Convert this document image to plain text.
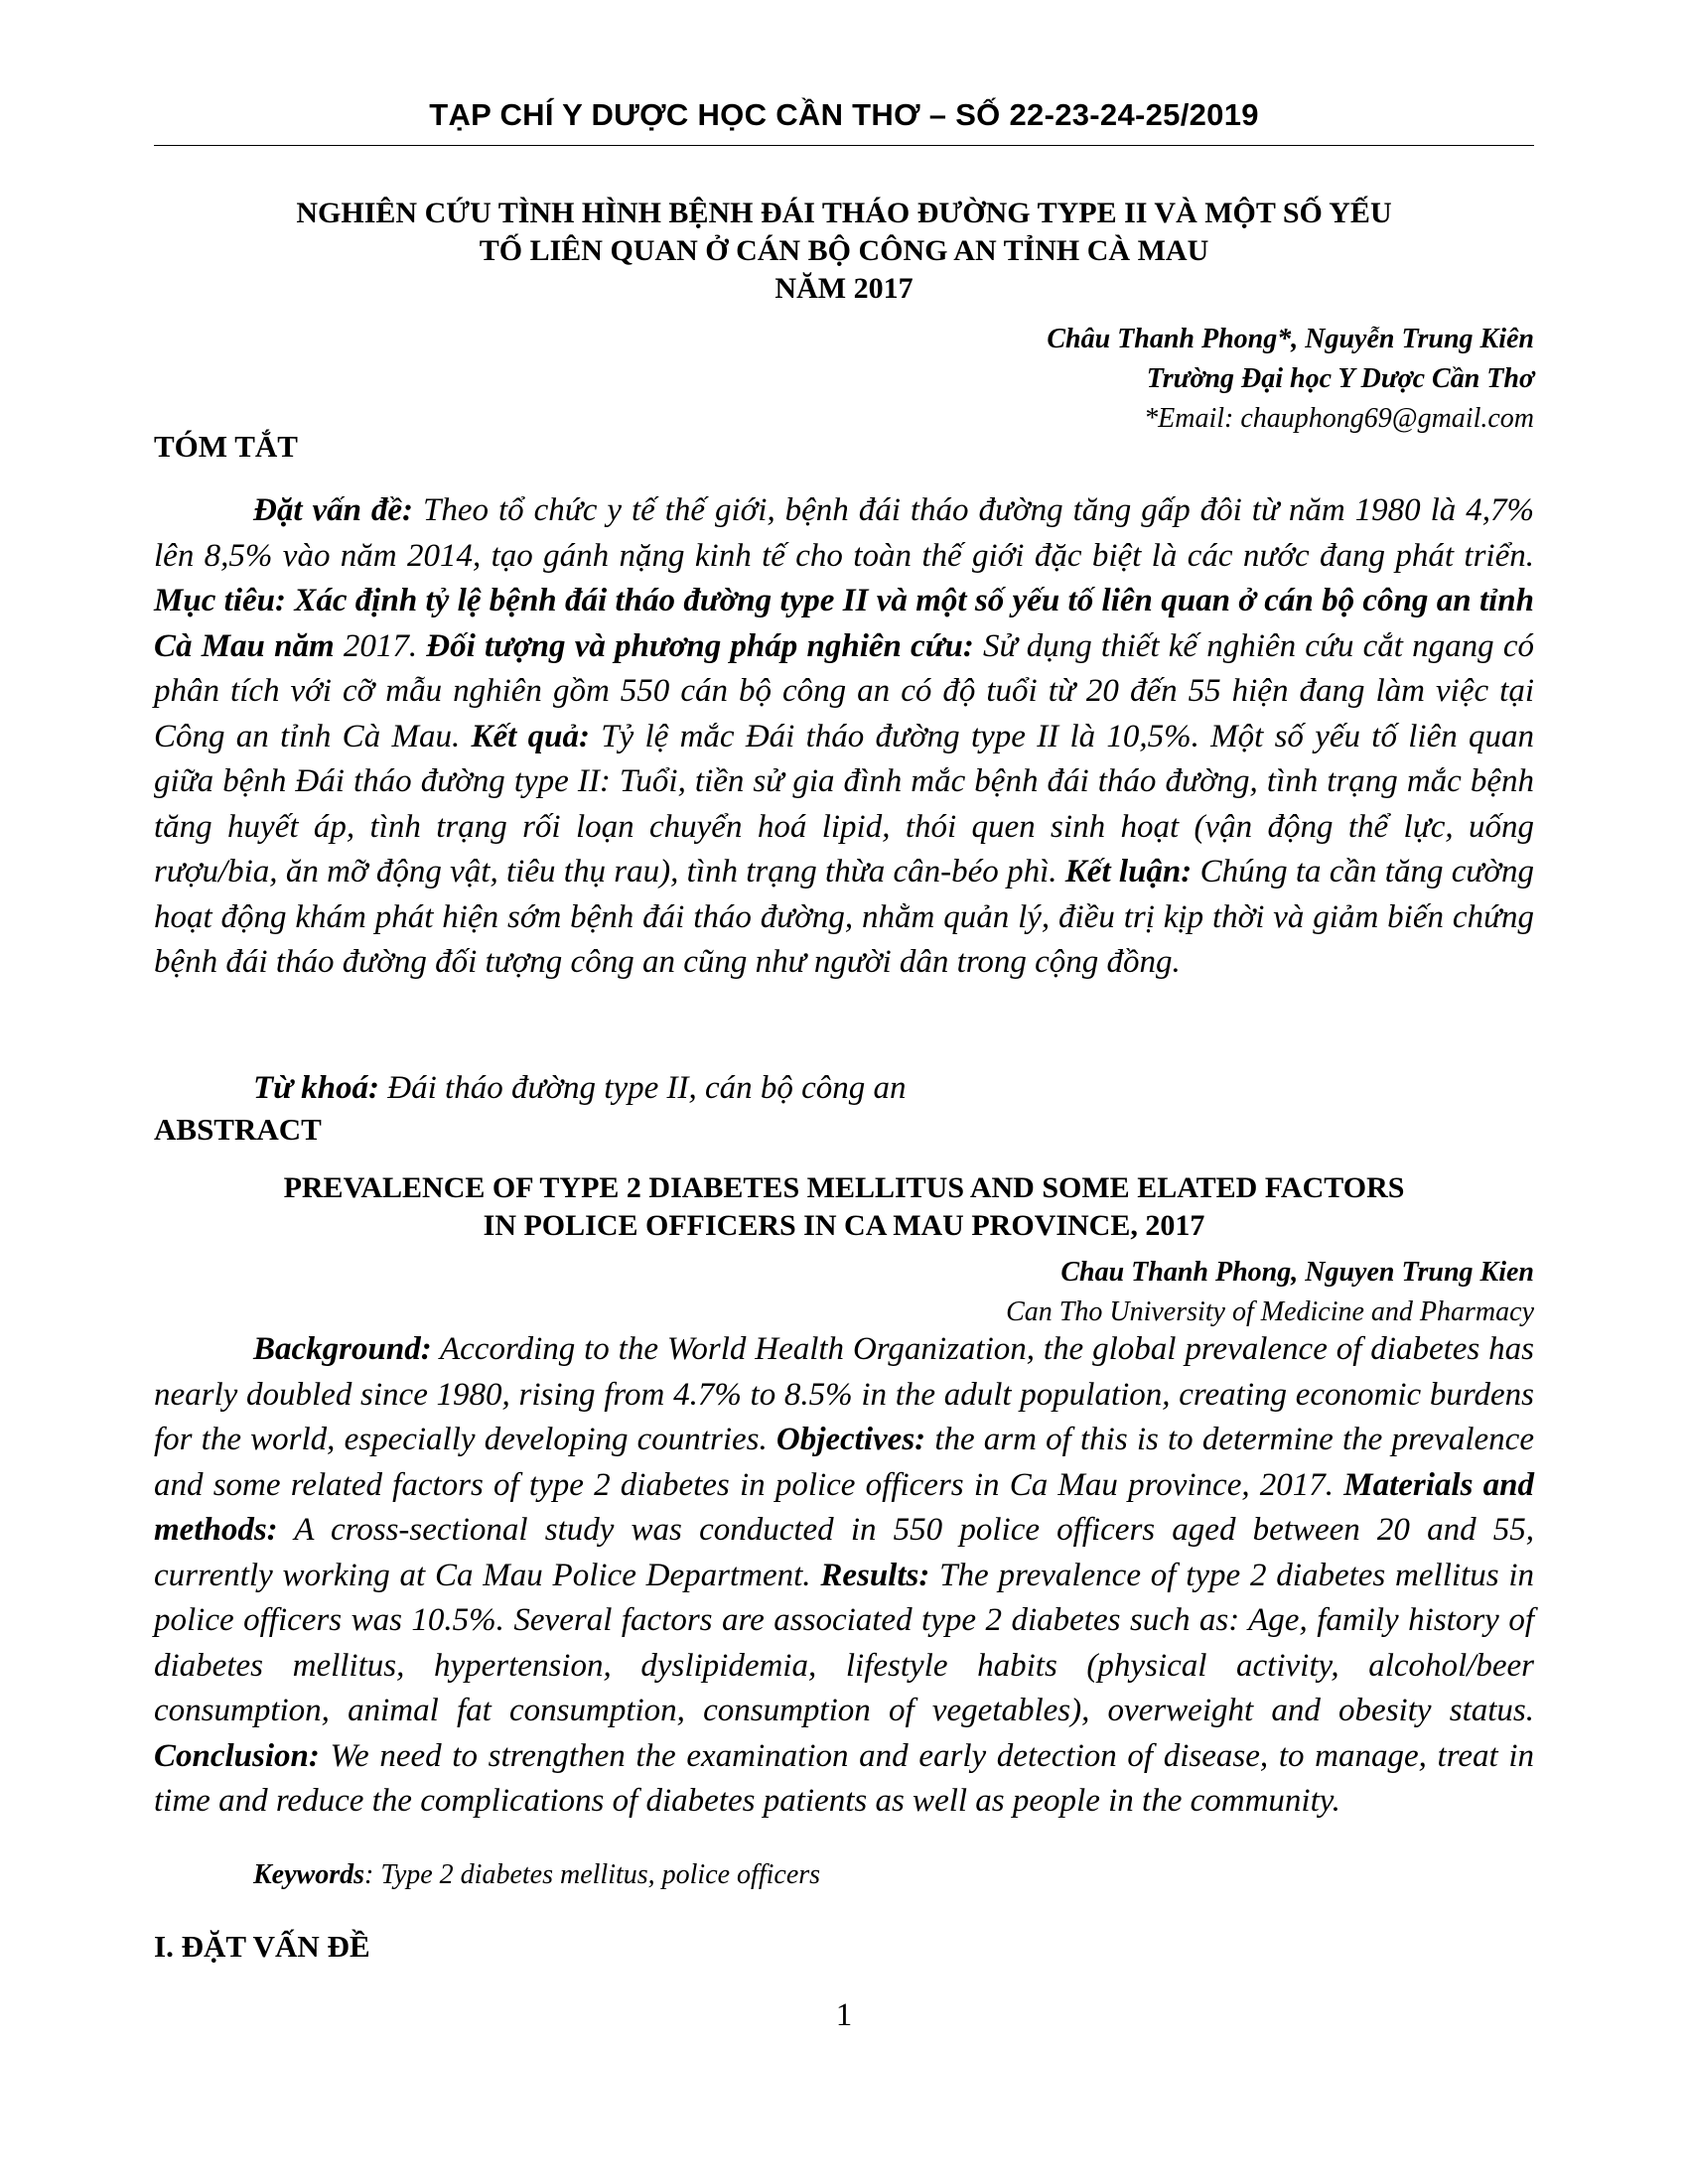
TẠP CHÍ Y DƯỢC HỌC CẦN THƠ – SỐ 22-23-24-25/2019
NGHIÊN CỨU TÌNH HÌNH BỆNH ĐÁI THÁO ĐƯỜNG TYPE II VÀ MỘT SỐ YẾU
TỐ LIÊN QUAN Ở CÁN BỘ CÔNG AN TỈNH CÀ MAU
NĂM 2017
Châu Thanh Phong*, Nguyễn Trung Kiên
Trường Đại học Y Dược Cần Thơ
*Email: chauphong69@gmail.com
TÓM TẮT
Đặt vấn đề: Theo tổ chức y tế thế giới, bệnh đái tháo đường tăng gấp đôi từ năm 1980 là 4,7% lên 8,5% vào năm 2014, tạo gánh nặng kinh tế cho toàn thế giới đặc biệt là các nước đang phát triển. Mục tiêu: Xác định tỷ lệ bệnh đái tháo đường type II và một số yếu tố liên quan ở cán bộ công an tỉnh Cà Mau năm 2017. Đối tượng và phương pháp nghiên cứu: Sử dụng thiết kế nghiên cứu cắt ngang có phân tích với cỡ mẫu nghiên gồm 550 cán bộ công an có độ tuổi từ 20 đến 55 hiện đang làm việc tại Công an tỉnh Cà Mau. Kết quả: Tỷ lệ mắc Đái tháo đường type II là 10,5%. Một số yếu tố liên quan giữa bệnh Đái tháo đường type II: Tuổi, tiền sử gia đình mắc bệnh đái tháo đường, tình trạng mắc bệnh tăng huyết áp, tình trạng rối loạn chuyển hoá lipid, thói quen sinh hoạt (vận động thể lực, uống rượu/bia, ăn mỡ động vật, tiêu thụ rau), tình trạng thừa cân-béo phì. Kết luận: Chúng ta cần tăng cường hoạt động khám phát hiện sớm bệnh đái tháo đường, nhằm quản lý, điều trị kịp thời và giảm biến chứng bệnh đái tháo đường đối tượng công an cũng như người dân trong cộng đồng.
Từ khoá: Đái tháo đường type II, cán bộ công an
ABSTRACT
PREVALENCE OF TYPE 2 DIABETES MELLITUS AND SOME ELATED FACTORS
IN POLICE OFFICERS IN CA MAU PROVINCE, 2017
Chau Thanh Phong, Nguyen Trung Kien
Can Tho University of Medicine and Pharmacy
Background: According to the World Health Organization, the global prevalence of diabetes has nearly doubled since 1980, rising from 4.7% to 8.5% in the adult population, creating economic burdens for the world, especially developing countries. Objectives: the arm of this is to determine the prevalence and some related factors of type 2 diabetes in police officers in Ca Mau province, 2017. Materials and methods: A cross-sectional study was conducted in 550 police officers aged between 20 and 55, currently working at Ca Mau Police Department. Results: The prevalence of type 2 diabetes mellitus in police officers was 10.5%. Several factors are associated type 2 diabetes such as: Age, family history of diabetes mellitus, hypertension, dyslipidemia, lifestyle habits (physical activity, alcohol/beer consumption, animal fat consumption, consumption of vegetables), overweight and obesity status. Conclusion: We need to strengthen the examination and early detection of disease, to manage, treat in time and reduce the complications of diabetes patients as well as people in the community.
Keywords: Type 2 diabetes mellitus, police officers
I. ĐẶT VẤN ĐỀ
1
